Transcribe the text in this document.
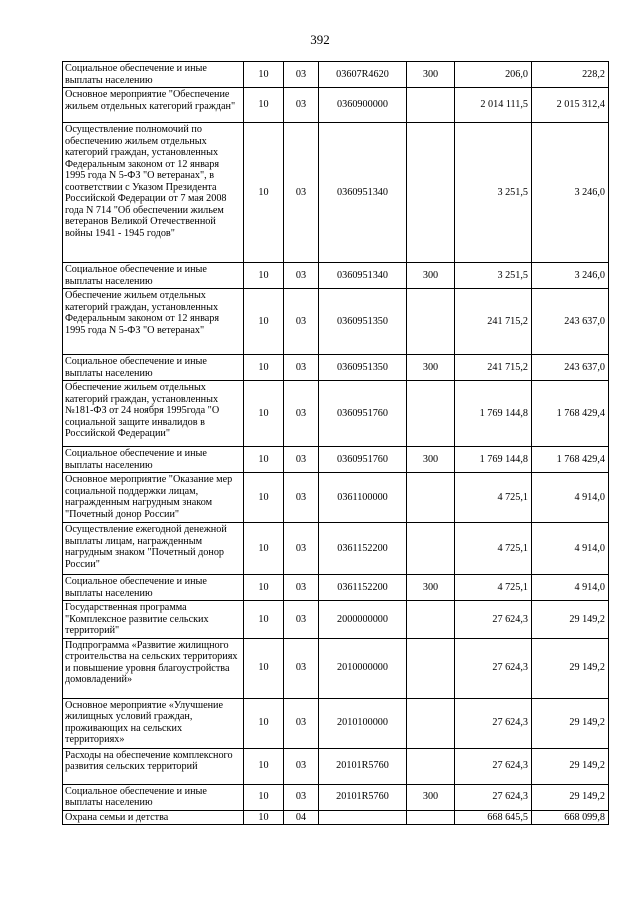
392
Социальное обеспечение и иные выплаты населению	10	03	03607R4620	300	206,0	228,2
Основное мероприятие "Обеспечение жильем отдельных категорий граждан"	10	03	0360900000		2 014 111,5	2 015 312,4
Осуществление полномочий по обеспечению жильем отдельных категорий граждан, установленных Федеральным законом от 12 января 1995 года N 5-ФЗ "О ветеранах", в соответствии с Указом Президента Российской Федерации от 7 мая 2008 года N 714 "Об обеспечении жильем ветеранов Великой Отечественной войны 1941 - 1945 годов"	10	03	0360951340		3 251,5	3 246,0
Социальное обеспечение и иные выплаты населению	10	03	0360951340	300	3 251,5	3 246,0
Обеспечение жильем отдельных категорий граждан, установленных Федеральным законом от 12 января 1995 года N 5-ФЗ "О ветеранах"	10	03	0360951350		241 715,2	243 637,0
Социальное обеспечение и иные выплаты населению	10	03	0360951350	300	241 715,2	243 637,0
Обеспечение жильем отдельных категорий граждан, установленных №181-ФЗ от 24 ноября 1995года "О социальной защите инвалидов в Российской Федерации"	10	03	0360951760		1 769 144,8	1 768 429,4
Социальное обеспечение и иные выплаты населению	10	03	0360951760	300	1 769 144,8	1 768 429,4
Основное мероприятие "Оказание мер социальной поддержки лицам, награжденным нагрудным знаком "Почетный донор России"	10	03	0361100000		4 725,1	4 914,0
Осуществление ежегодной денежной выплаты лицам, награжденным нагрудным знаком "Почетный донор России"	10	03	0361152200		4 725,1	4 914,0
Социальное обеспечение и иные выплаты населению	10	03	0361152200	300	4 725,1	4 914,0
Государственная программа "Комплексное развитие сельских территорий"	10	03	2000000000		27 624,3	29 149,2
Подпрограмма «Развитие жилищного строительства на сельских территориях и повышение уровня благоустройства домовладений»	10	03	2010000000		27 624,3	29 149,2
Основное мероприятие «Улучшение жилищных условий граждан, проживающих на сельских территориях»	10	03	2010100000		27 624,3	29 149,2
Расходы на обеспечение комплексного развития сельских территорий	10	03	20101R5760		27 624,3	29 149,2
Социальное обеспечение и иные выплаты населению	10	03	20101R5760	300	27 624,3	29 149,2
Охрана семьи и детства	10	04			668 645,5	668 099,8
